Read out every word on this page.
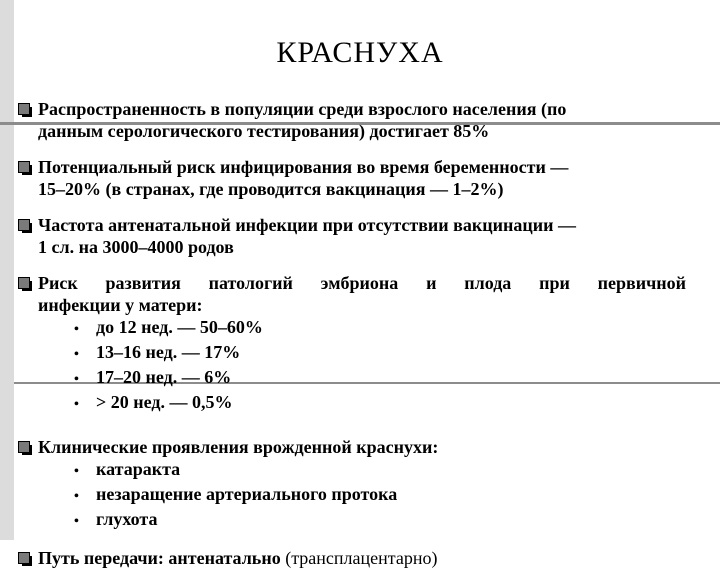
КРАСНУХА
Распространенность в популяции среди взрослого населения (по
данным серологического тестирования) достигает 85%
Потенциальный риск инфицирования во время беременности —
15–20% (в странах, где проводится вакцинация — 1–2%)
Частота антенатальной инфекции при отсутствии вакцинации —
1 сл. на 3000–4000 родов
Риск развития патологий эмбриона и плода при первичной
инфекции у матери:
• до 12 нед. — 50–60%
• 13–16 нед. — 17%
• 17–20 нед. — 6%
• > 20 нед. — 0,5%
Клинические проявления врожденной краснухи:
• катаракта
• незаращение артериального протока
• глухота
Путь передачи: антенатально (трансплацентарно)
